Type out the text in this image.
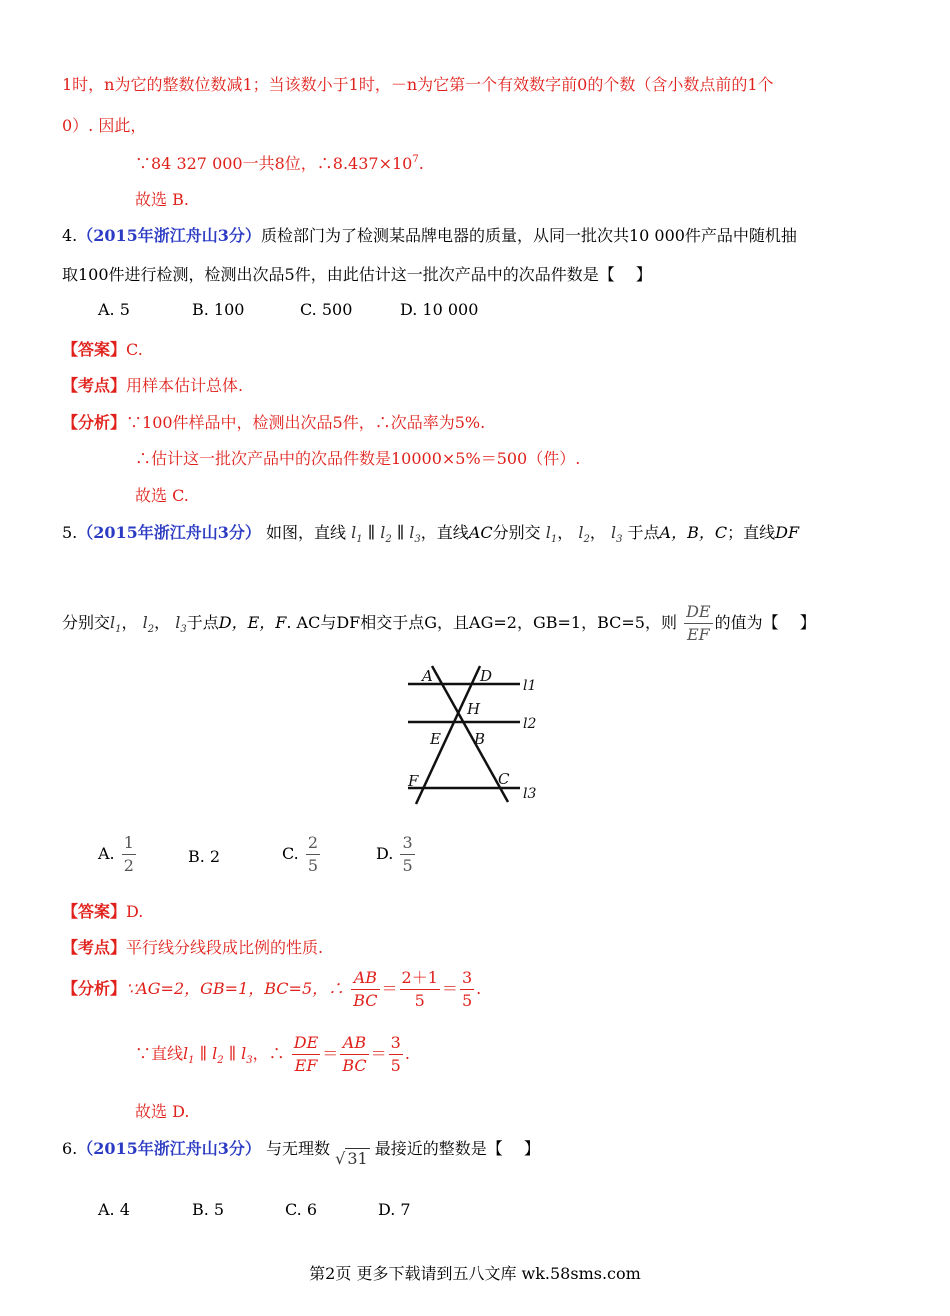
1时，n为它的整数位数减1；当该数小于1时，－n为它第一个有效数字前0的个数（含小数点前的1个
0）. 因此，
∵84 327 000一共8位，$\therefore 8.437\times 10^7$.
故选 B.
4.（2015年浙江舟山3分）质检部门为了检测某品牌电器的质量，从同一批次共10 000件产品中随机抽
取100件进行检测，检测出次品5件，由此估计这一批次产品中的次品件数是【　 】
A. 5	B. 100	C. 500	D. 10 000
【答案】C.
【考点】用样本估计总体.
【分析】∵100件样品中，检测出次品5件，∴次品率为5%.
∴估计这一批次产品中的次品件数是10000×5%＝500（件）.
故选 C.
5.（2015年浙江舟山3分） 如图，直线 $l_1$ ∥ $l_2$ ∥ $l_3$，直线AC分别交 $l_1$， $l_2$， $l_3$ 于点A，B，C；直线DF
分别交$l_1$， $l_2$， $l_3$于点D，E，F. AC与DF相交于点G，且AG=2，GB=1，BC=5，则 $\frac{DE}{EF}$ 的值为【　 】
A	D
H
E B
F	C
l1
l2
l3
A. $\frac{1}{2}$	B. 2	C. $\frac{2}{5}$	D. $\frac{3}{5}$
【答案】D.
【考点】平行线分线段成比例的性质.
【分析】∵AG=2，GB=1，BC=5，∴ $\frac{AB}{BC} = \frac{2+1}{5} = \frac{3}{5}$ .
∵直线$l_1$ ∥ $l_2$ ∥ $l_3$，∴ $\frac{DE}{EF} = \frac{AB}{BC} = \frac{3}{5}$ .
故选 D.
6.（2015年浙江舟山3分） 与无理数 √ 31 最接近的整数是【　 】
A. 4	B. 5	C. 6	D. 7
第2页 更多下载请到五八文库 wk.58sms.com
